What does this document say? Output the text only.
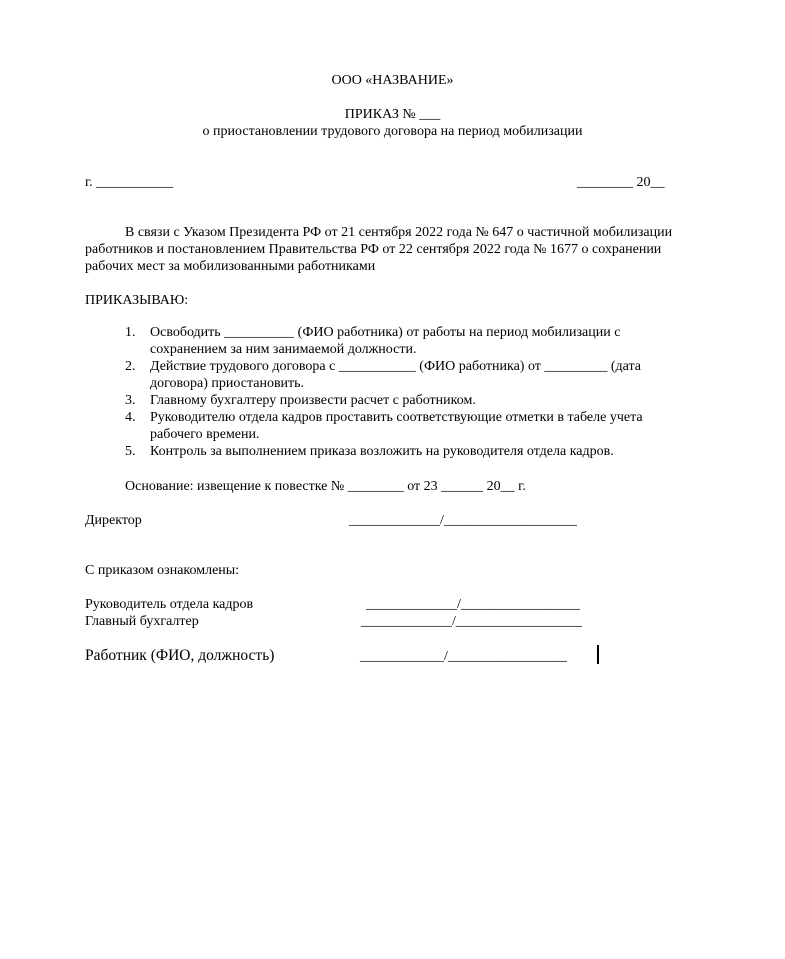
ООО «НАЗВАНИЕ»
ПРИКАЗ № ___
о приостановлении трудового договора на период мобилизации
г. ___________	________ 20__
В связи с Указом Президента РФ от 21 сентября 2022 года № 647 о частичной мобилизации
работников и постановлением Правительства РФ от 22 сентября 2022 года № 1677 о сохранении
рабочих мест за мобилизованными работниками
ПРИКАЗЫВАЮ:
1. Освободить __________ (ФИО работника) от работы на период мобилизации с сохранением за ним занимаемой должности.
2. Действие трудового договора с ___________ (ФИО работника) от _________ (дата договора) приостановить.
3. Главному бухгалтеру произвести расчет с работником.
4. Руководителю отдела кадров проставить соответствующие отметки в табеле учета рабочего времени.
5. Контроль за выполнением приказа возложить на руководителя отдела кадров.
Основание: извещение к повестке № ________ от 23 ______ 20__ г.
Директор	_____________/___________________
С приказом ознакомлены:
Руководитель отдела кадров	_____________/_________________
Главный бухгалтер	_____________/__________________
Работник (ФИО, должность)	____________/_________________
